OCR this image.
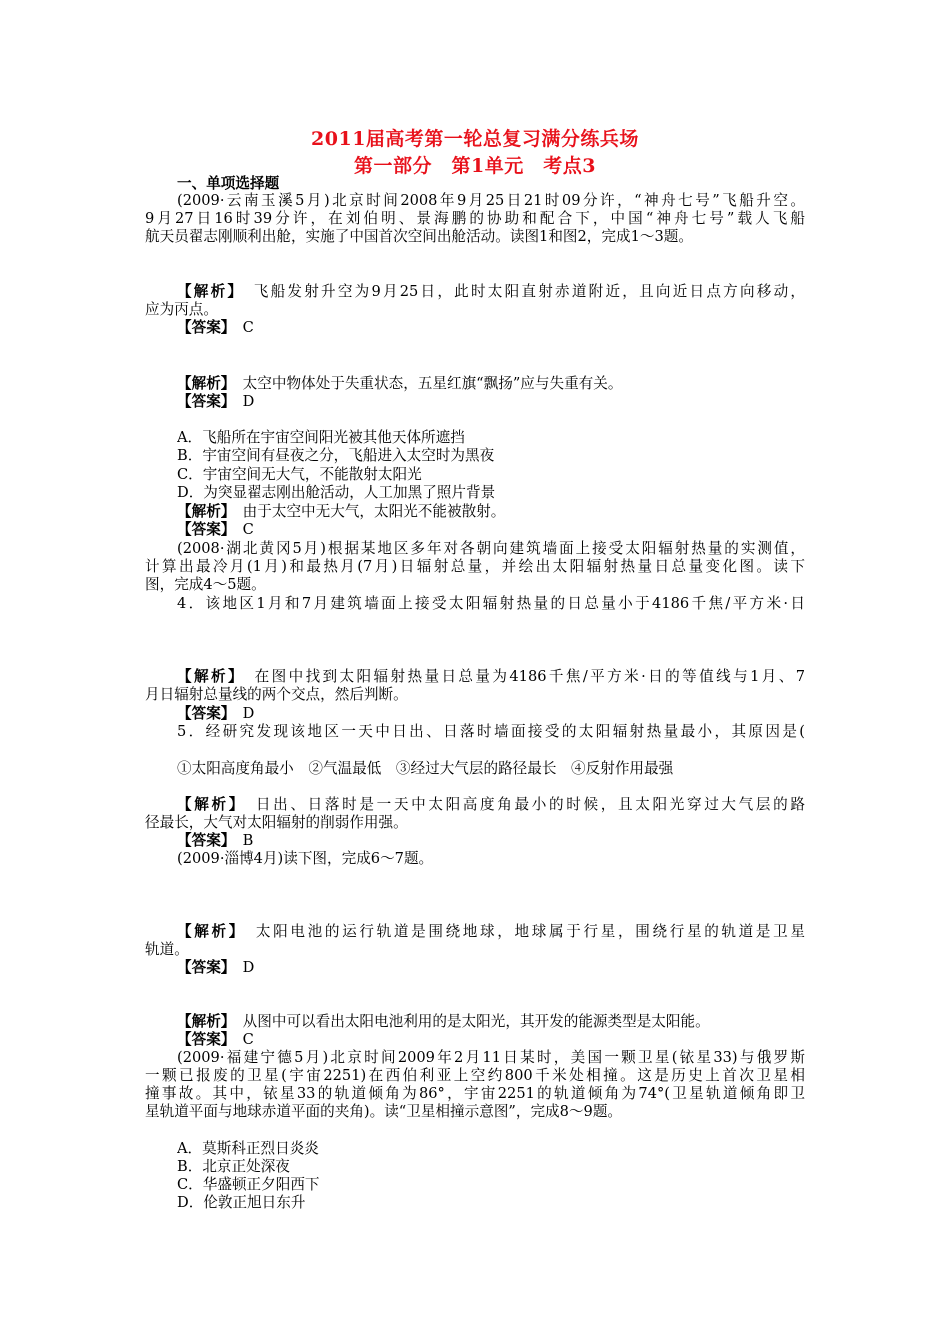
2011届高考第一轮总复习满分练兵场
第一部分　第1单元　考点3
一、单项选择题
(2009·云南玉溪5月)北京时间2008年9月25日21时09分许，“神舟七号”飞船升空。
9月27日16时39分许，在刘伯明、景海鹏的协助和配合下，中国“神舟七号”载人飞船
航天员翟志刚顺利出舱，实施了中国首次空间出舱活动。读图1和图2，完成1～3题。
【解析】　飞船发射升空为9月25日，此时太阳直射赤道附近，且向近日点方向移动，
应为丙点。
【答案】　C
【解析】　太空中物体处于失重状态，五星红旗“飘扬”应与失重有关。
【答案】　D
A．飞船所在宇宙空间阳光被其他天体所遮挡
B．宇宙空间有昼夜之分，飞船进入太空时为黑夜
C．宇宙空间无大气，不能散射太阳光
D．为突显翟志刚出舱活动，人工加黑了照片背景
【解析】　由于太空中无大气，太阳光不能被散射。
【答案】　C
(2008·湖北黄冈5月)根据某地区多年对各朝向建筑墙面上接受太阳辐射热量的实测值，
计算出最冷月(1月)和最热月(7月)日辐射总量，并绘出太阳辐射热量日总量变化图。读下
图，完成4～5题。
4．该地区1月和7月建筑墙面上接受太阳辐射热量的日总量小于4186千焦/平方米·日
【解析】　在图中找到太阳辐射热量日总量为4186千焦/平方米·日的等值线与1月、7
月日辐射总量线的两个交点，然后判断。
【答案】　D
5．经研究发现该地区一天中日出、日落时墙面接受的太阳辐射热量最小，其原因是(
①太阳高度角最小　②气温最低　③经过大气层的路径最长　④反射作用最强
【解析】　日出、日落时是一天中太阳高度角最小的时候，且太阳光穿过大气层的路
径最长，大气对太阳辐射的削弱作用强。
【答案】　B
(2009·淄博4月)读下图，完成6～7题。
【解析】　太阳电池的运行轨道是围绕地球，地球属于行星，围绕行星的轨道是卫星
轨道。
【答案】　D
【解析】　从图中可以看出太阳电池利用的是太阳光，其开发的能源类型是太阳能。
【答案】　C
(2009·福建宁德5月)北京时间2009年2月11日某时，美国一颗卫星(铱星33)与俄罗斯
一颗已报废的卫星(宇宙2251)在西伯利亚上空约800千米处相撞。这是历史上首次卫星相
撞事故。其中，铱星33的轨道倾角为86°，宇宙2251的轨道倾角为74°(卫星轨道倾角即卫
星轨道平面与地球赤道平面的夹角)。读“卫星相撞示意图”，完成8～9题。
A．莫斯科正烈日炎炎
B．北京正处深夜
C．华盛顿正夕阳西下
D．伦敦正旭日东升
